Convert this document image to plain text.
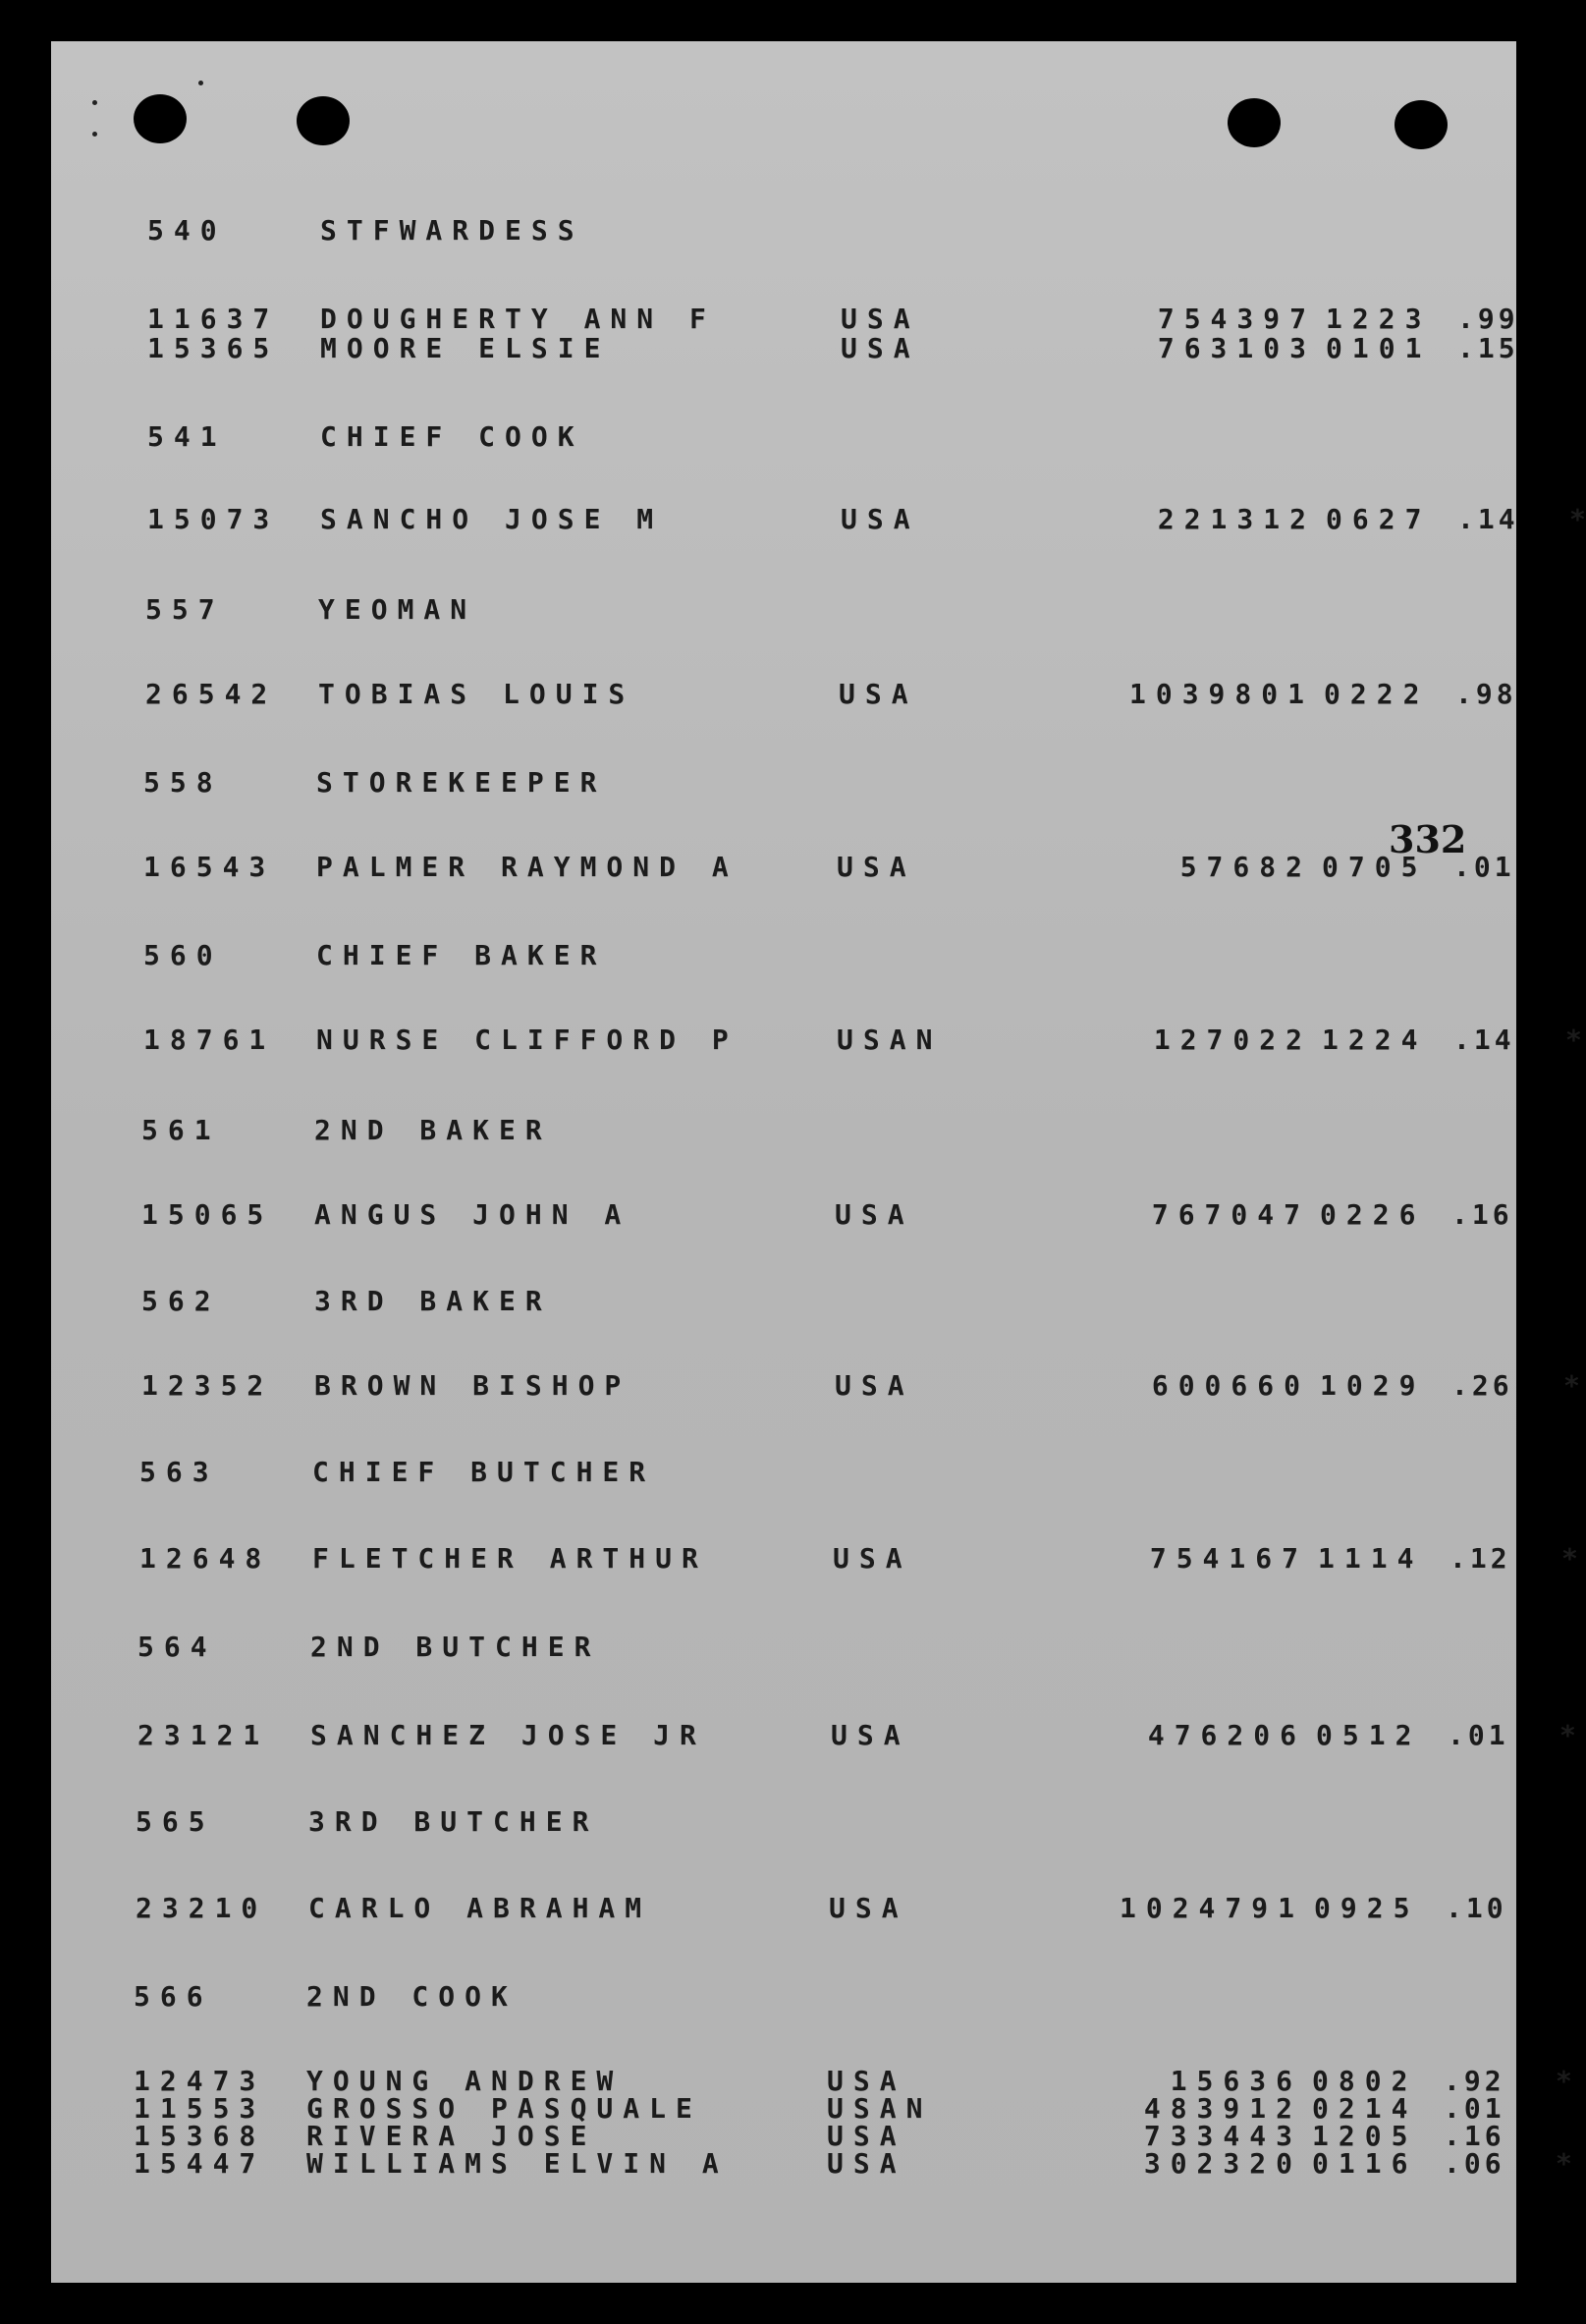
332
540	STFWARDESS
11637 DOUGHERTY ANN F	USA	754397 1223 .99
15365 MOORE ELSIE	USA	763103 0101 .15
541	CHIEF COOK
15073 SANCHO JOSE M	USA	221312 0627 .14 *
557	YEOMAN
26542 TOBIAS LOUIS	USA	1039801 0222 .98
558	STOREKEEPER
16543 PALMER RAYMOND A	USA	57682 0705 .01
560	CHIEF BAKER
18761 NURSE CLIFFORD P	USAN	127022 1224 .14 *
561	2ND BAKER
15065 ANGUS JOHN A	USA	767047 0226 .16
562	3RD BAKER
12352 BROWN BISHOP	USA	600660 1029 .26 *
563	CHIEF BUTCHER
12648 FLETCHER ARTHUR	USA	754167 1114 .12 *
564	2ND BUTCHER
23121 SANCHEZ JOSE JR	USA	476206 0512 .01 *
565	3RD BUTCHER
23210 CARLO ABRAHAM	USA	1024791 0925 .10
566	2ND COOK
12473 YOUNG ANDREW	USA	15636 0802 .92 *
11553 GROSSO PASQUALE	USAN	483912 0214 .01
15368 RIVERA JOSE	USA	733443 1205 .16
15447 WILLIAMS ELVIN A	USA	302320 0116 .06 *
